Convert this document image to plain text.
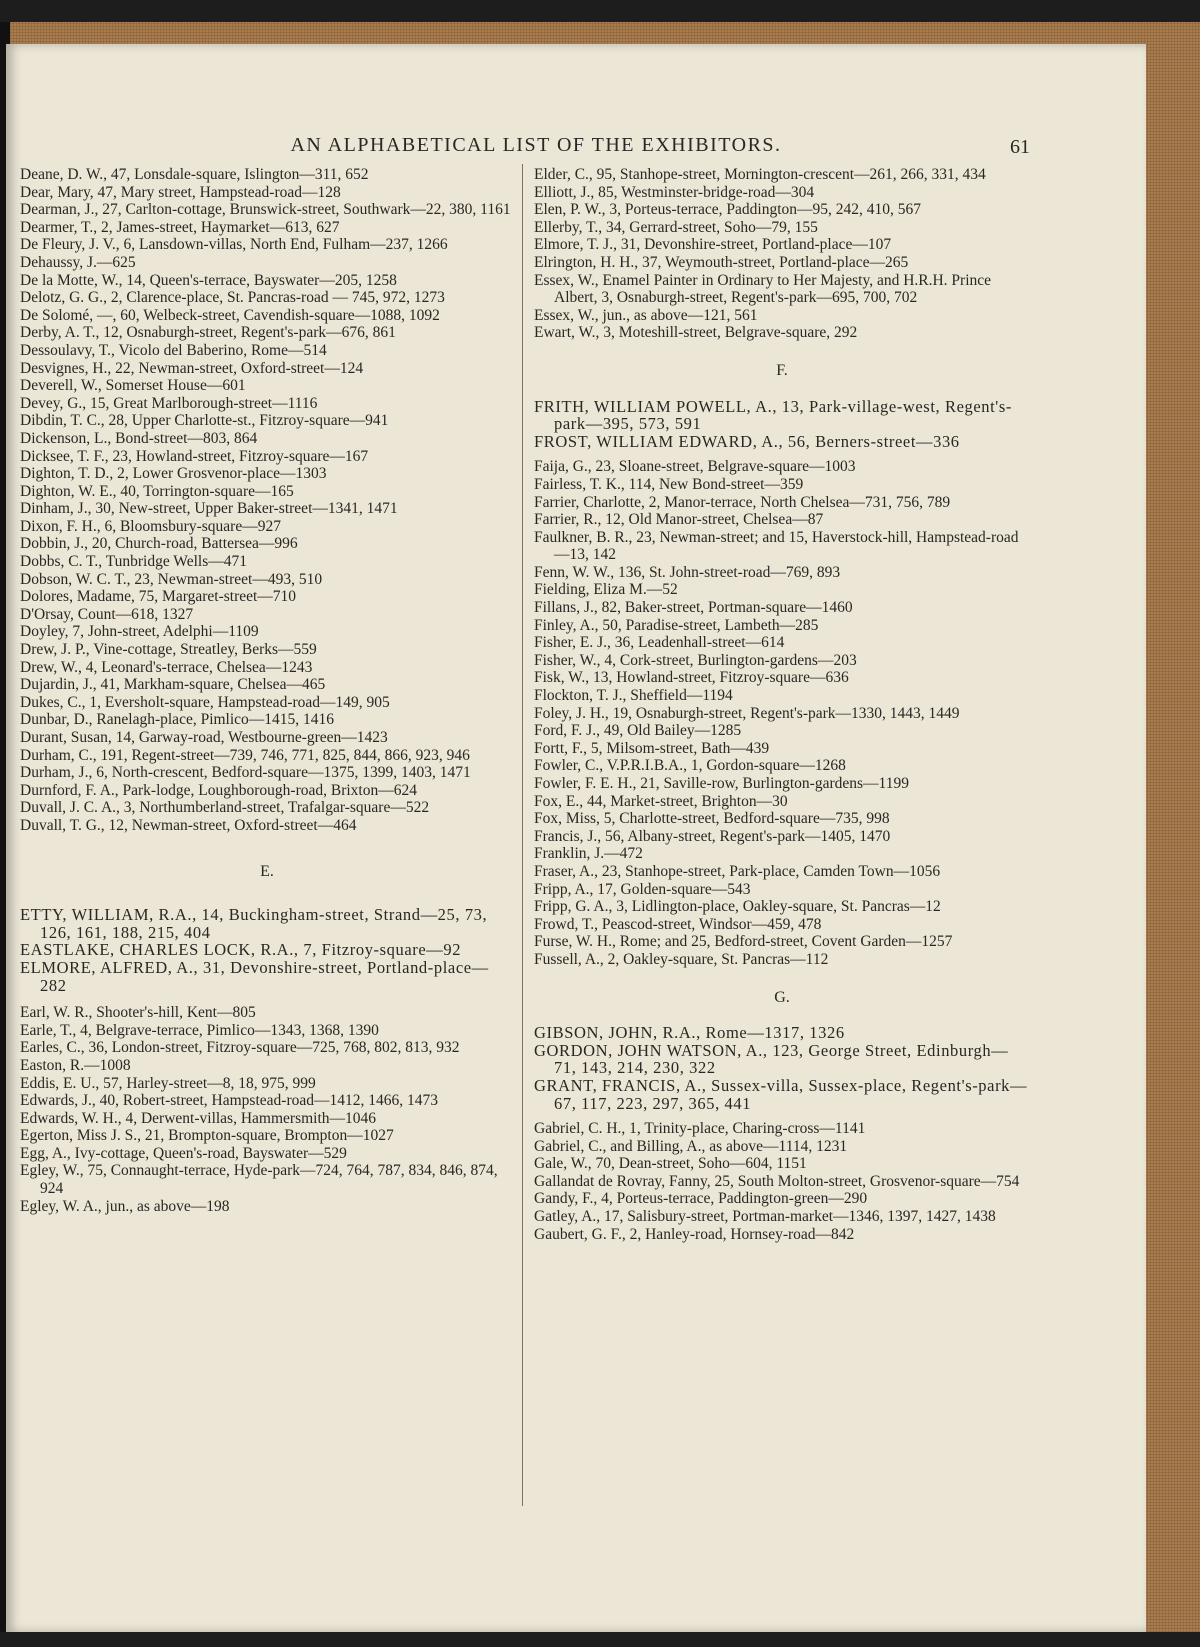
AN ALPHABETICAL LIST OF THE EXHIBITORS.	61

Deane, D. W., 47, Lonsdale-square, Islington—311, 652

Dear, Mary, 47, Mary street, Hampstead-road—128

Dearman, J., 27, Carlton-cottage, Brunswick-street, Southwark—22, 380, 1161

Dearmer, T., 2, James-street, Haymarket—613, 627

De Fleury, J. V., 6, Lansdown-villas, North End, Fulham—237, 1266

Dehaussy, J.—625

De la Motte, W., 14, Queen's-terrace, Bayswater—205, 1258

Delotz, G. G., 2, Clarence-place, St. Pancras-road — 745, 972, 1273

De Solomé, —, 60, Welbeck-street, Cavendish-square—1088, 1092

Derby, A. T., 12, Osnaburgh-street, Regent's-park—676, 861

Dessoulavy, T., Vicolo del Baberino, Rome—514

Desvignes, H., 22, Newman-street, Oxford-street—124

Deverell, W., Somerset House—601

Devey, G., 15, Great Marlborough-street—1116

Dibdin, T. C., 28, Upper Charlotte-st., Fitzroy-square—941

Dickenson, L., Bond-street—803, 864

Dicksee, T. F., 23, Howland-street, Fitzroy-square—167

Dighton, T. D., 2, Lower Grosvenor-place—1303

Dighton, W. E., 40, Torrington-square—165

Dinham, J., 30, New-street, Upper Baker-street—1341, 1471

Dixon, F. H., 6, Bloomsbury-square—927

Dobbin, J., 20, Church-road, Battersea—996

Dobbs, C. T., Tunbridge Wells—471

Dobson, W. C. T., 23, Newman-street—493, 510

Dolores, Madame, 75, Margaret-street—710

D'Orsay, Count—618, 1327

Doyley, 7, John-street, Adelphi—1109

Drew, J. P., Vine-cottage, Streatley, Berks—559

Drew, W., 4, Leonard's-terrace, Chelsea—1243

Dujardin, J., 41, Markham-square, Chelsea—465

Dukes, C., 1, Eversholt-square, Hampstead-road—149, 905

Dunbar, D., Ranelagh-place, Pimlico—1415, 1416

Durant, Susan, 14, Garway-road, Westbourne-green—1423

Durham, C., 191, Regent-street—739, 746, 771, 825, 844, 866, 923, 946

Durham, J., 6, North-crescent, Bedford-square—1375, 1399, 1403, 1471

Durnford, F. A., Park-lodge, Loughborough-road, Brixton—624

Duvall, J. C. A., 3, Northumberland-street, Trafalgar-square—522

Duvall, T. G., 12, Newman-street, Oxford-street—464

E.

ETTY, WILLIAM, R.A., 14, Buckingham-street, Strand—25, 73, 126, 161, 188, 215, 404

EASTLAKE, CHARLES LOCK, R.A., 7, Fitzroy-square—92

ELMORE, ALFRED, A., 31, Devonshire-street, Portland-place—282

Earl, W. R., Shooter's-hill, Kent—805

Earle, T., 4, Belgrave-terrace, Pimlico—1343, 1368, 1390

Earles, C., 36, London-street, Fitzroy-square—725, 768, 802, 813, 932

Easton, R.—1008

Eddis, E. U., 57, Harley-street—8, 18, 975, 999

Edwards, J., 40, Robert-street, Hampstead-road—1412, 1466, 1473

Edwards, W. H., 4, Derwent-villas, Hammersmith—1046

Egerton, Miss J. S., 21, Brompton-square, Brompton—1027

Egg, A., Ivy-cottage, Queen's-road, Bayswater—529

Egley, W., 75, Connaught-terrace, Hyde-park—724, 764, 787, 834, 846, 874, 924

Egley, W. A., jun., as above—198

Elder, C., 95, Stanhope-street, Mornington-crescent—261, 266, 331, 434

Elliott, J., 85, Westminster-bridge-road—304

Elen, P. W., 3, Porteus-terrace, Paddington—95, 242, 410, 567

Ellerby, T., 34, Gerrard-street, Soho—79, 155

Elmore, T. J., 31, Devonshire-street, Portland-place—107

Elrington, H. H., 37, Weymouth-street, Portland-place—265

Essex, W., Enamel Painter in Ordinary to Her Majesty, and H.R.H. Prince Albert, 3, Osnaburgh-street, Regent's-park—695, 700, 702

Essex, W., jun., as above—121, 561

Ewart, W., 3, Moteshill-street, Belgrave-square, 292

F.

FRITH, WILLIAM POWELL, A., 13, Park-village-west, Regent's-park—395, 573, 591

FROST, WILLIAM EDWARD, A., 56, Berners-street—336

Faija, G., 23, Sloane-street, Belgrave-square—1003

Fairless, T. K., 114, New Bond-street—359

Farrier, Charlotte, 2, Manor-terrace, North Chelsea—731, 756, 789

Farrier, R., 12, Old Manor-street, Chelsea—87

Faulkner, B. R., 23, Newman-street; and 15, Haverstock-hill, Hampstead-road—13, 142

Fenn, W. W., 136, St. John-street-road—769, 893

Fielding, Eliza M.—52

Fillans, J., 82, Baker-street, Portman-square—1460

Finley, A., 50, Paradise-street, Lambeth—285

Fisher, E. J., 36, Leadenhall-street—614

Fisher, W., 4, Cork-street, Burlington-gardens—203

Fisk, W., 13, Howland-street, Fitzroy-square—636

Flockton, T. J., Sheffield—1194

Foley, J. H., 19, Osnaburgh-street, Regent's-park—1330, 1443, 1449

Ford, F. J., 49, Old Bailey—1285

Fortt, F., 5, Milsom-street, Bath—439

Fowler, C., V.P.R.I.B.A., 1, Gordon-square—1268

Fowler, F. E. H., 21, Saville-row, Burlington-gardens—1199

Fox, E., 44, Market-street, Brighton—30

Fox, Miss, 5, Charlotte-street, Bedford-square—735, 998

Francis, J., 56, Albany-street, Regent's-park—1405, 1470

Franklin, J.—472

Fraser, A., 23, Stanhope-street, Park-place, Camden Town—1056

Fripp, A., 17, Golden-square—543

Fripp, G. A., 3, Lidlington-place, Oakley-square, St. Pancras—12

Frowd, T., Peascod-street, Windsor—459, 478

Furse, W. H., Rome; and 25, Bedford-street, Covent Garden—1257

Fussell, A., 2, Oakley-square, St. Pancras—112

G.

GIBSON, JOHN, R.A., Rome—1317, 1326

GORDON, JOHN WATSON, A., 123, George Street, Edinburgh—71, 143, 214, 230, 322

GRANT, FRANCIS, A., Sussex-villa, Sussex-place, Regent's-park—67, 117, 223, 297, 365, 441

Gabriel, C. H., 1, Trinity-place, Charing-cross—1141

Gabriel, C., and Billing, A., as above—1114, 1231

Gale, W., 70, Dean-street, Soho—604, 1151

Gallandat de Rovray, Fanny, 25, South Molton-street, Grosvenor-square—754

Gandy, F., 4, Porteus-terrace, Paddington-green—290

Gatley, A., 17, Salisbury-street, Portman-market—1346, 1397, 1427, 1438

Gaubert, G. F., 2, Hanley-road, Hornsey-road—842
